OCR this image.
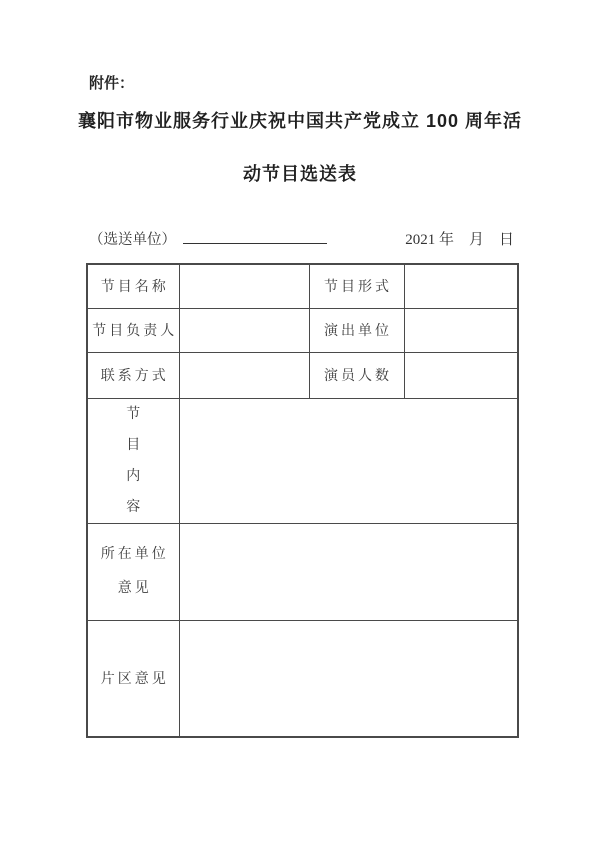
附件：
襄阳市物业服务行业庆祝中国共产党成立 100 周年活
动节目选送表
（选送单位）	2021 年    月    日
节目名称		节目形式	
节目负责人		演出单位	
联系方式		演员人数	

节
目
内
容			

所在单位
意见			

片区意见			
